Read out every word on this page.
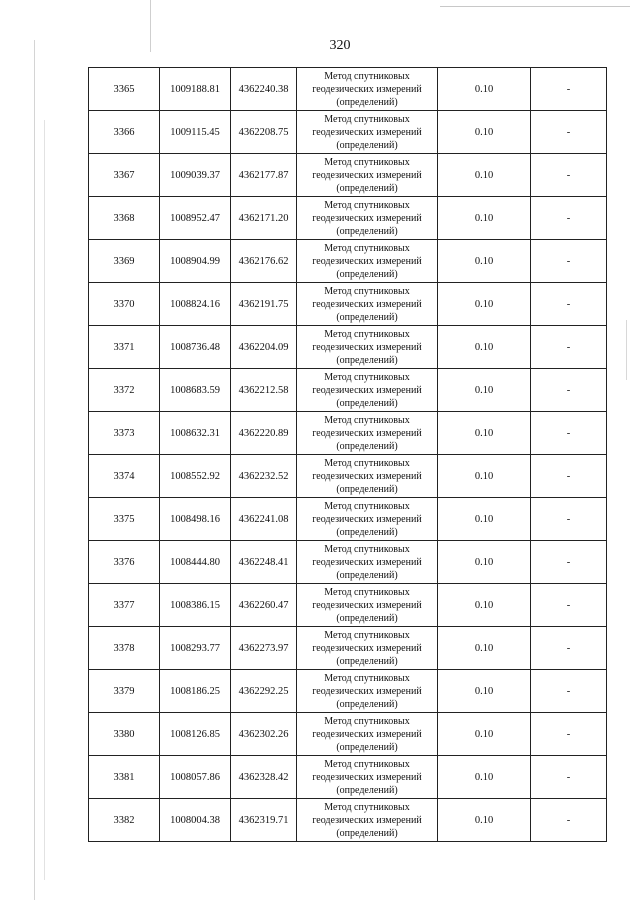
320
3365	1009188.81	4362240.38	Метод спутниковых
геодезических измерений
(определений)	0.10	-
3366	1009115.45	4362208.75	Метод спутниковых
геодезических измерений
(определений)	0.10	-
3367	1009039.37	4362177.87	Метод спутниковых
геодезических измерений
(определений)	0.10	-
3368	1008952.47	4362171.20	Метод спутниковых
геодезических измерений
(определений)	0.10	-
3369	1008904.99	4362176.62	Метод спутниковых
геодезических измерений
(определений)	0.10	-
3370	1008824.16	4362191.75	Метод спутниковых
геодезических измерений
(определений)	0.10	-
3371	1008736.48	4362204.09	Метод спутниковых
геодезических измерений
(определений)	0.10	-
3372	1008683.59	4362212.58	Метод спутниковых
геодезических измерений
(определений)	0.10	-
3373	1008632.31	4362220.89	Метод спутниковых
геодезических измерений
(определений)	0.10	-
3374	1008552.92	4362232.52	Метод спутниковых
геодезических измерений
(определений)	0.10	-
3375	1008498.16	4362241.08	Метод спутниковых
геодезических измерений
(определений)	0.10	-
3376	1008444.80	4362248.41	Метод спутниковых
геодезических измерений
(определений)	0.10	-
3377	1008386.15	4362260.47	Метод спутниковых
геодезических измерений
(определений)	0.10	-
3378	1008293.77	4362273.97	Метод спутниковых
геодезических измерений
(определений)	0.10	-
3379	1008186.25	4362292.25	Метод спутниковых
геодезических измерений
(определений)	0.10	-
3380	1008126.85	4362302.26	Метод спутниковых
геодезических измерений
(определений)	0.10	-
3381	1008057.86	4362328.42	Метод спутниковых
геодезических измерений
(определений)	0.10	-
3382	1008004.38	4362319.71	Метод спутниковых
геодезических измерений
(определений)	0.10	-
